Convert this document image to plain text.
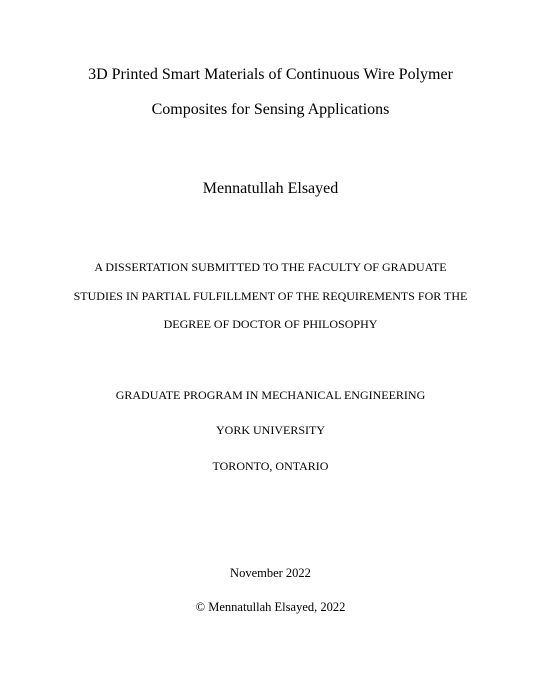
3D Printed Smart Materials of Continuous Wire Polymer
Composites for Sensing Applications
Mennatullah Elsayed
A DISSERTATION SUBMITTED TO THE FACULTY OF GRADUATE
STUDIES IN PARTIAL FULFILLMENT OF THE REQUIREMENTS FOR THE
DEGREE OF DOCTOR OF PHILOSOPHY
GRADUATE PROGRAM IN MECHANICAL ENGINEERING
YORK UNIVERSITY
TORONTO, ONTARIO
November 2022
© Mennatullah Elsayed, 2022
